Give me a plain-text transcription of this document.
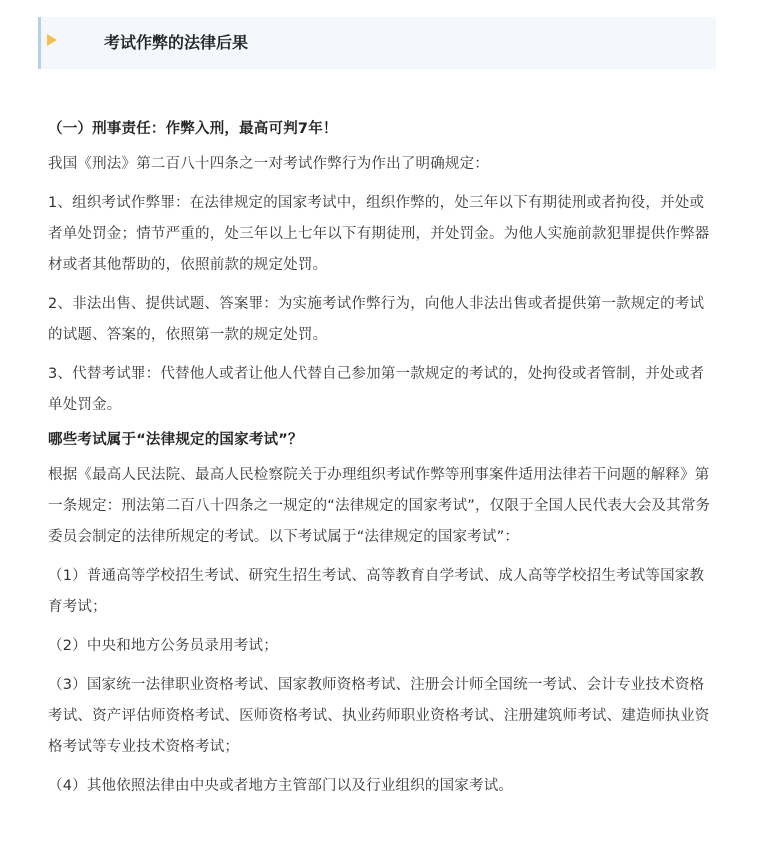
考试作弊的法律后果

（一）刑事责任：作弊入刑，最高可判7年！

我国《刑法》第二百八十四条之一对考试作弊行为作出了明确规定：

1、组织考试作弊罪：在法律规定的国家考试中，组织作弊的，处三年以下有期徒刑或者拘役，并处或者单处罚金；情节严重的，处三年以上七年以下有期徒刑，并处罚金。为他人实施前款犯罪提供作弊器材或者其他帮助的，依照前款的规定处罚。

2、非法出售、提供试题、答案罪：为实施考试作弊行为，向他人非法出售或者提供第一款规定的考试的试题、答案的，依照第一款的规定处罚。

3、代替考试罪：代替他人或者让他人代替自己参加第一款规定的考试的，处拘役或者管制，并处或者单处罚金。

哪些考试属于“法律规定的国家考试”？

根据《最高人民法院、最高人民检察院关于办理组织考试作弊等刑事案件适用法律若干问题的解释》第一条规定：刑法第二百八十四条之一规定的“法律规定的国家考试”，仅限于全国人民代表大会及其常务委员会制定的法律所规定的考试。以下考试属于“法律规定的国家考试”：

（1）普通高等学校招生考试、研究生招生考试、高等教育自学考试、成人高等学校招生考试等国家教育考试；

（2）中央和地方公务员录用考试；

（3）国家统一法律职业资格考试、国家教师资格考试、注册会计师全国统一考试、会计专业技术资格考试、资产评估师资格考试、医师资格考试、执业药师职业资格考试、注册建筑师考试、建造师执业资格考试等专业技术资格考试；

（4）其他依照法律由中央或者地方主管部门以及行业组织的国家考试。
